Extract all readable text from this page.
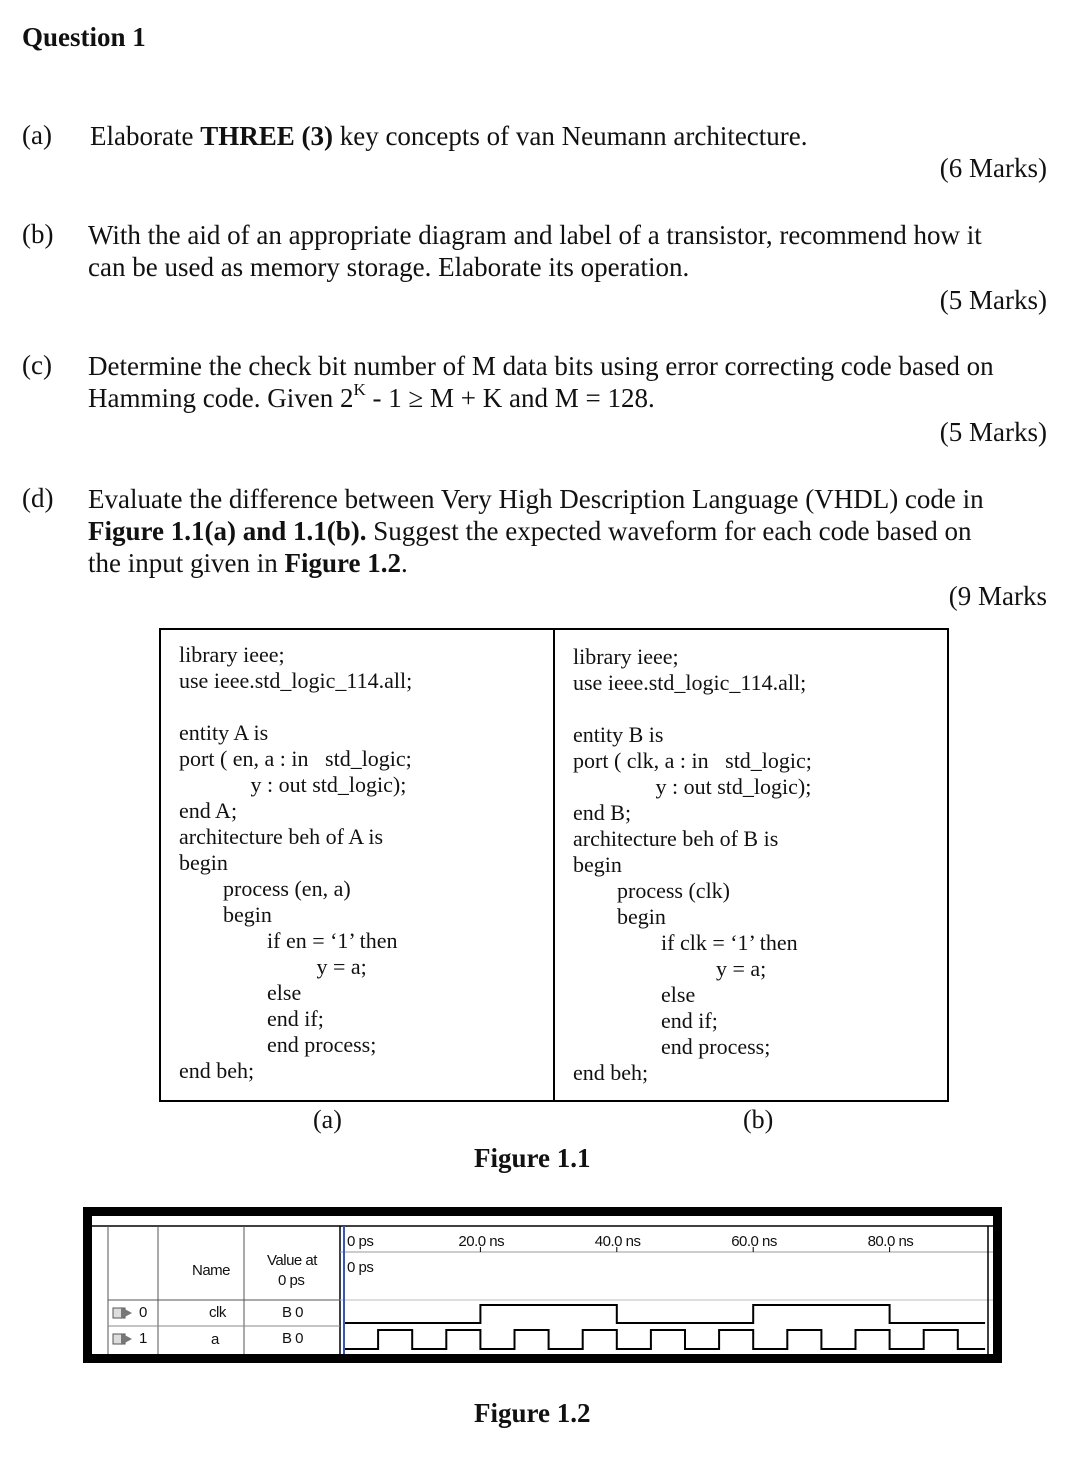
Question 1
(a) Elaborate THREE (3) key concepts of van Neumann architecture.
(6 Marks)
(b) With the aid of an appropriate diagram and label of a transistor, recommend how it
can be used as memory storage. Elaborate its operation.
(5 Marks)
(c) Determine the check bit number of M data bits using error correcting code based on
Hamming code. Given $2^K - 1 \ge M + K$ and M = 128.
(5 Marks)
(d) Evaluate the difference between Very High Description Language (VHDL) code in
Figure 1.1(a) and 1.1(b). Suggest the expected waveform for each code based on
the input given in Figure 1.2.
(9 Marks
library ieee;
use ieee.std_logic_114.all;

entity A is
port ( en, a : in   std_logic;
y : out std_logic);
end A;
architecture beh of A is
begin
process (en, a)
begin
if en = ‘1’ then
y = a;
else
end if;
end process;
end beh;
library ieee;
use ieee.std_logic_114.all;

entity B is
port ( clk, a : in   std_logic;
y : out std_logic);
end B;
architecture beh of B is
begin
process (clk)
begin
if clk = ‘1’ then
y = a;
else
end if;
end process;
end beh;
(a)	(b)
Figure 1.1
Name
Value at
0 ps
0 ps
0 ps
20.0 ns	40.0 ns	60.0 ns	80.0 ns
0	clk	B 0
1	a	B 0
Figure 1.2
